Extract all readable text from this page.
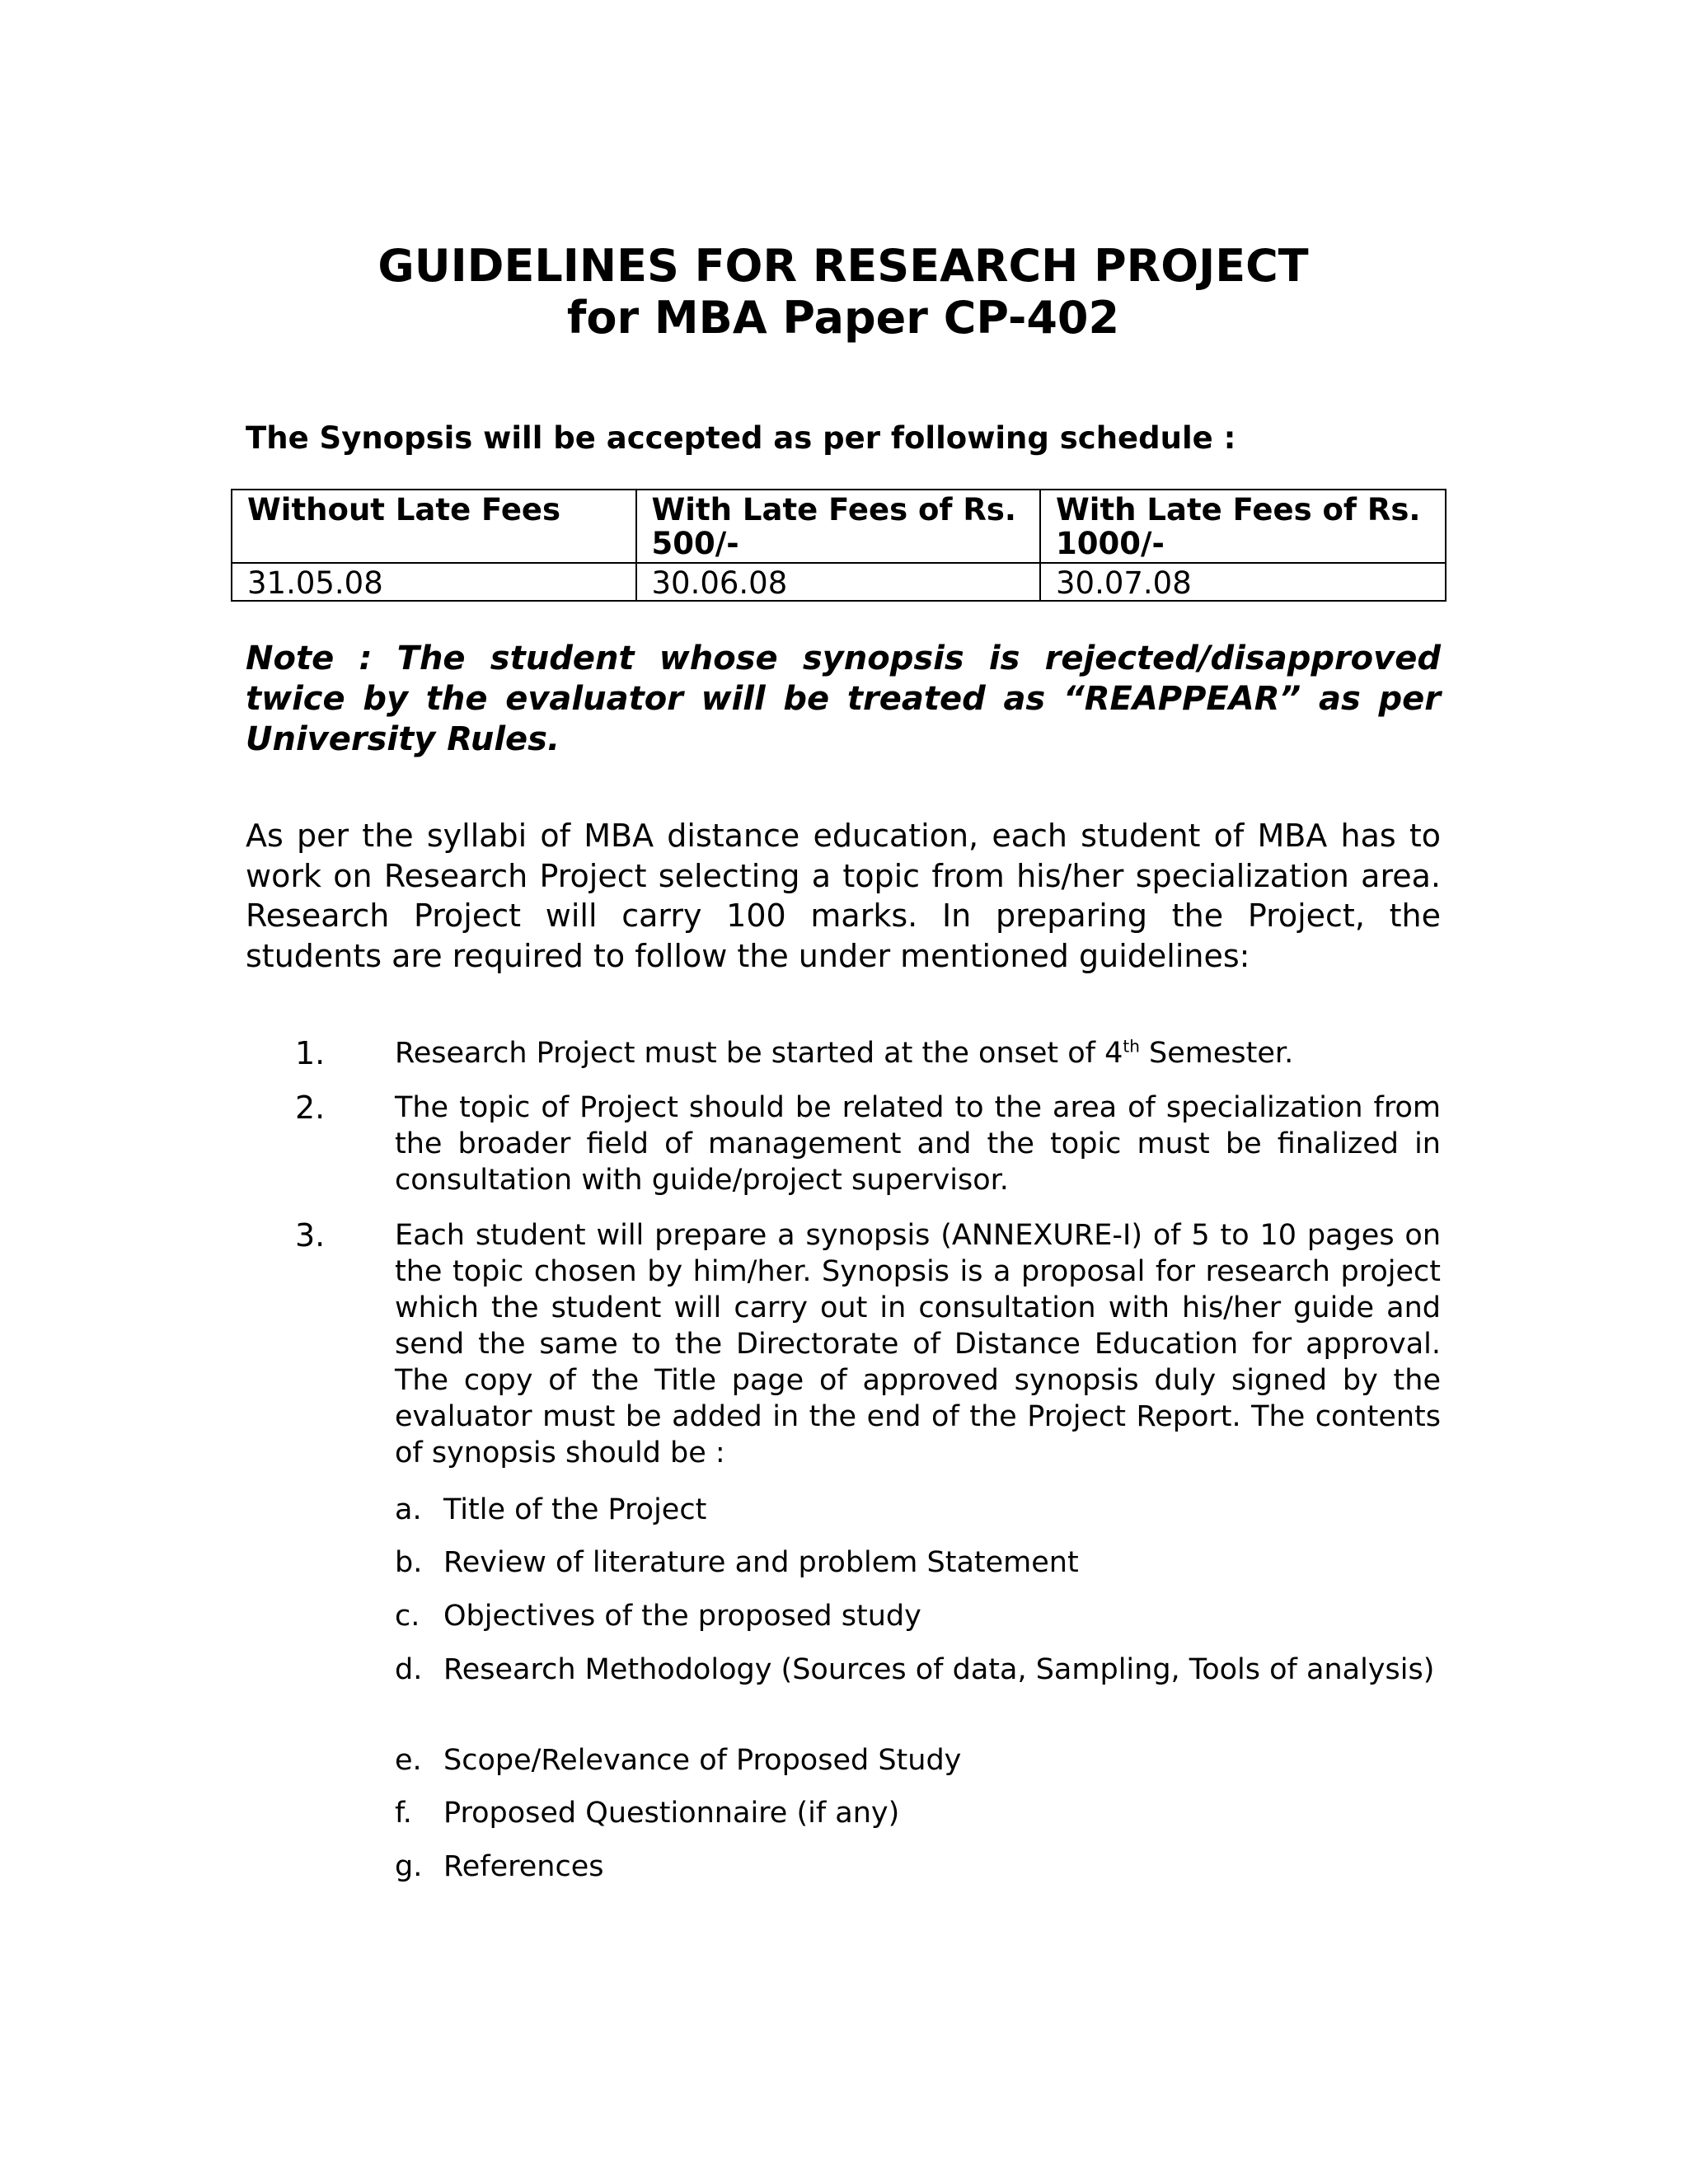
GUIDELINES FOR RESEARCH PROJECT
for MBA Paper CP-402

The Synopsis will be accepted as per following schedule :

Without Late Fees	With Late Fees of Rs. 500/-	With Late Fees of Rs. 1000/-
31.05.08	30.06.08	30.07.08

Note : The student whose synopsis is rejected/disapproved twice by the evaluator will be treated as “REAPPEAR” as per University Rules.

As per the syllabi of MBA distance education, each student of MBA has to work on Research Project selecting a topic from his/her specialization area. Research Project will carry 100 marks. In preparing the Project, the students are required to follow the under mentioned guidelines:

1. Research Project must be started at the onset of 4th Semester.
2. The topic of Project should be related to the area of specialization from the broader field of management and the topic must be finalized in consultation with guide/project supervisor.
3. Each student will prepare a synopsis (ANNEXURE-I) of 5 to 10 pages on the topic chosen by him/her. Synopsis is a proposal for research project which the student will carry out in consultation with his/her guide and send the same to the Directorate of Distance Education for approval. The copy of the Title page of approved synopsis duly signed by the evaluator must be added in the end of the Project Report. The contents of synopsis should be :
a. Title of the Project
b. Review of literature and problem Statement
c. Objectives of the proposed study
d. Research Methodology (Sources of data, Sampling, Tools of analysis)
e. Scope/Relevance of Proposed Study
f. Proposed Questionnaire (if any)
g. References
